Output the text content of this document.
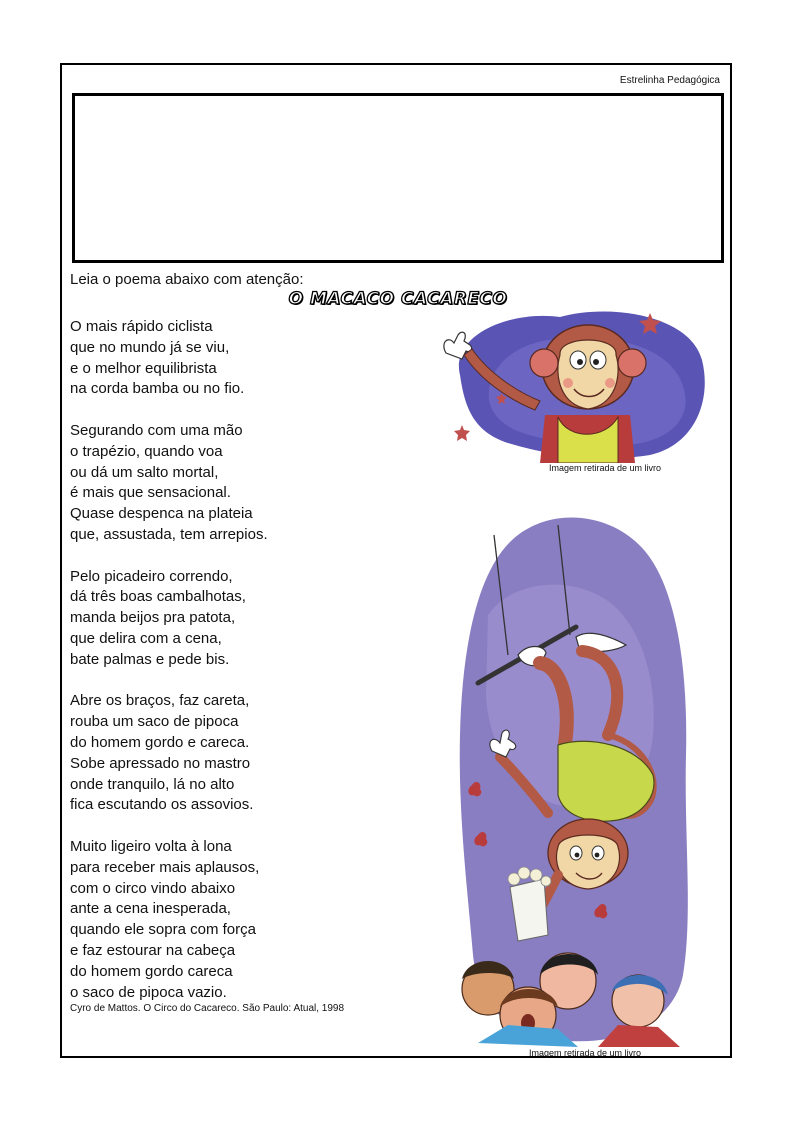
Estrelinha Pedagógica
Leia o poema abaixo com atenção:
O MACACO CACARECO
O mais rápido ciclista
que no mundo já se viu,
e o melhor equilibrista
na corda bamba ou no fio.
Segurando com uma mão
o trapézio, quando voa
ou dá um salto mortal,
é mais que sensacional.
Quase despenca na plateia
que, assustada, tem arrepios.
Pelo picadeiro correndo,
dá três boas cambalhotas,
manda beijos pra patota,
que delira com a cena,
bate palmas e pede bis.
Abre os braços, faz careta,
rouba um saco de pipoca
do homem gordo e careca.
Sobe apressado no mastro
onde tranquilo, lá no alto
fica escutando os assovios.
Muito ligeiro volta à lona
para receber mais aplausos,
com o circo vindo abaixo
ante a cena inesperada,
quando ele sopra com força
e faz estourar na cabeça
do homem gordo careca
o saco de pipoca vazio.
Cyro de Mattos. O Circo do Cacareco. São Paulo: Atual, 1998
Imagem retirada de um livro
Imagem retirada de um livro
